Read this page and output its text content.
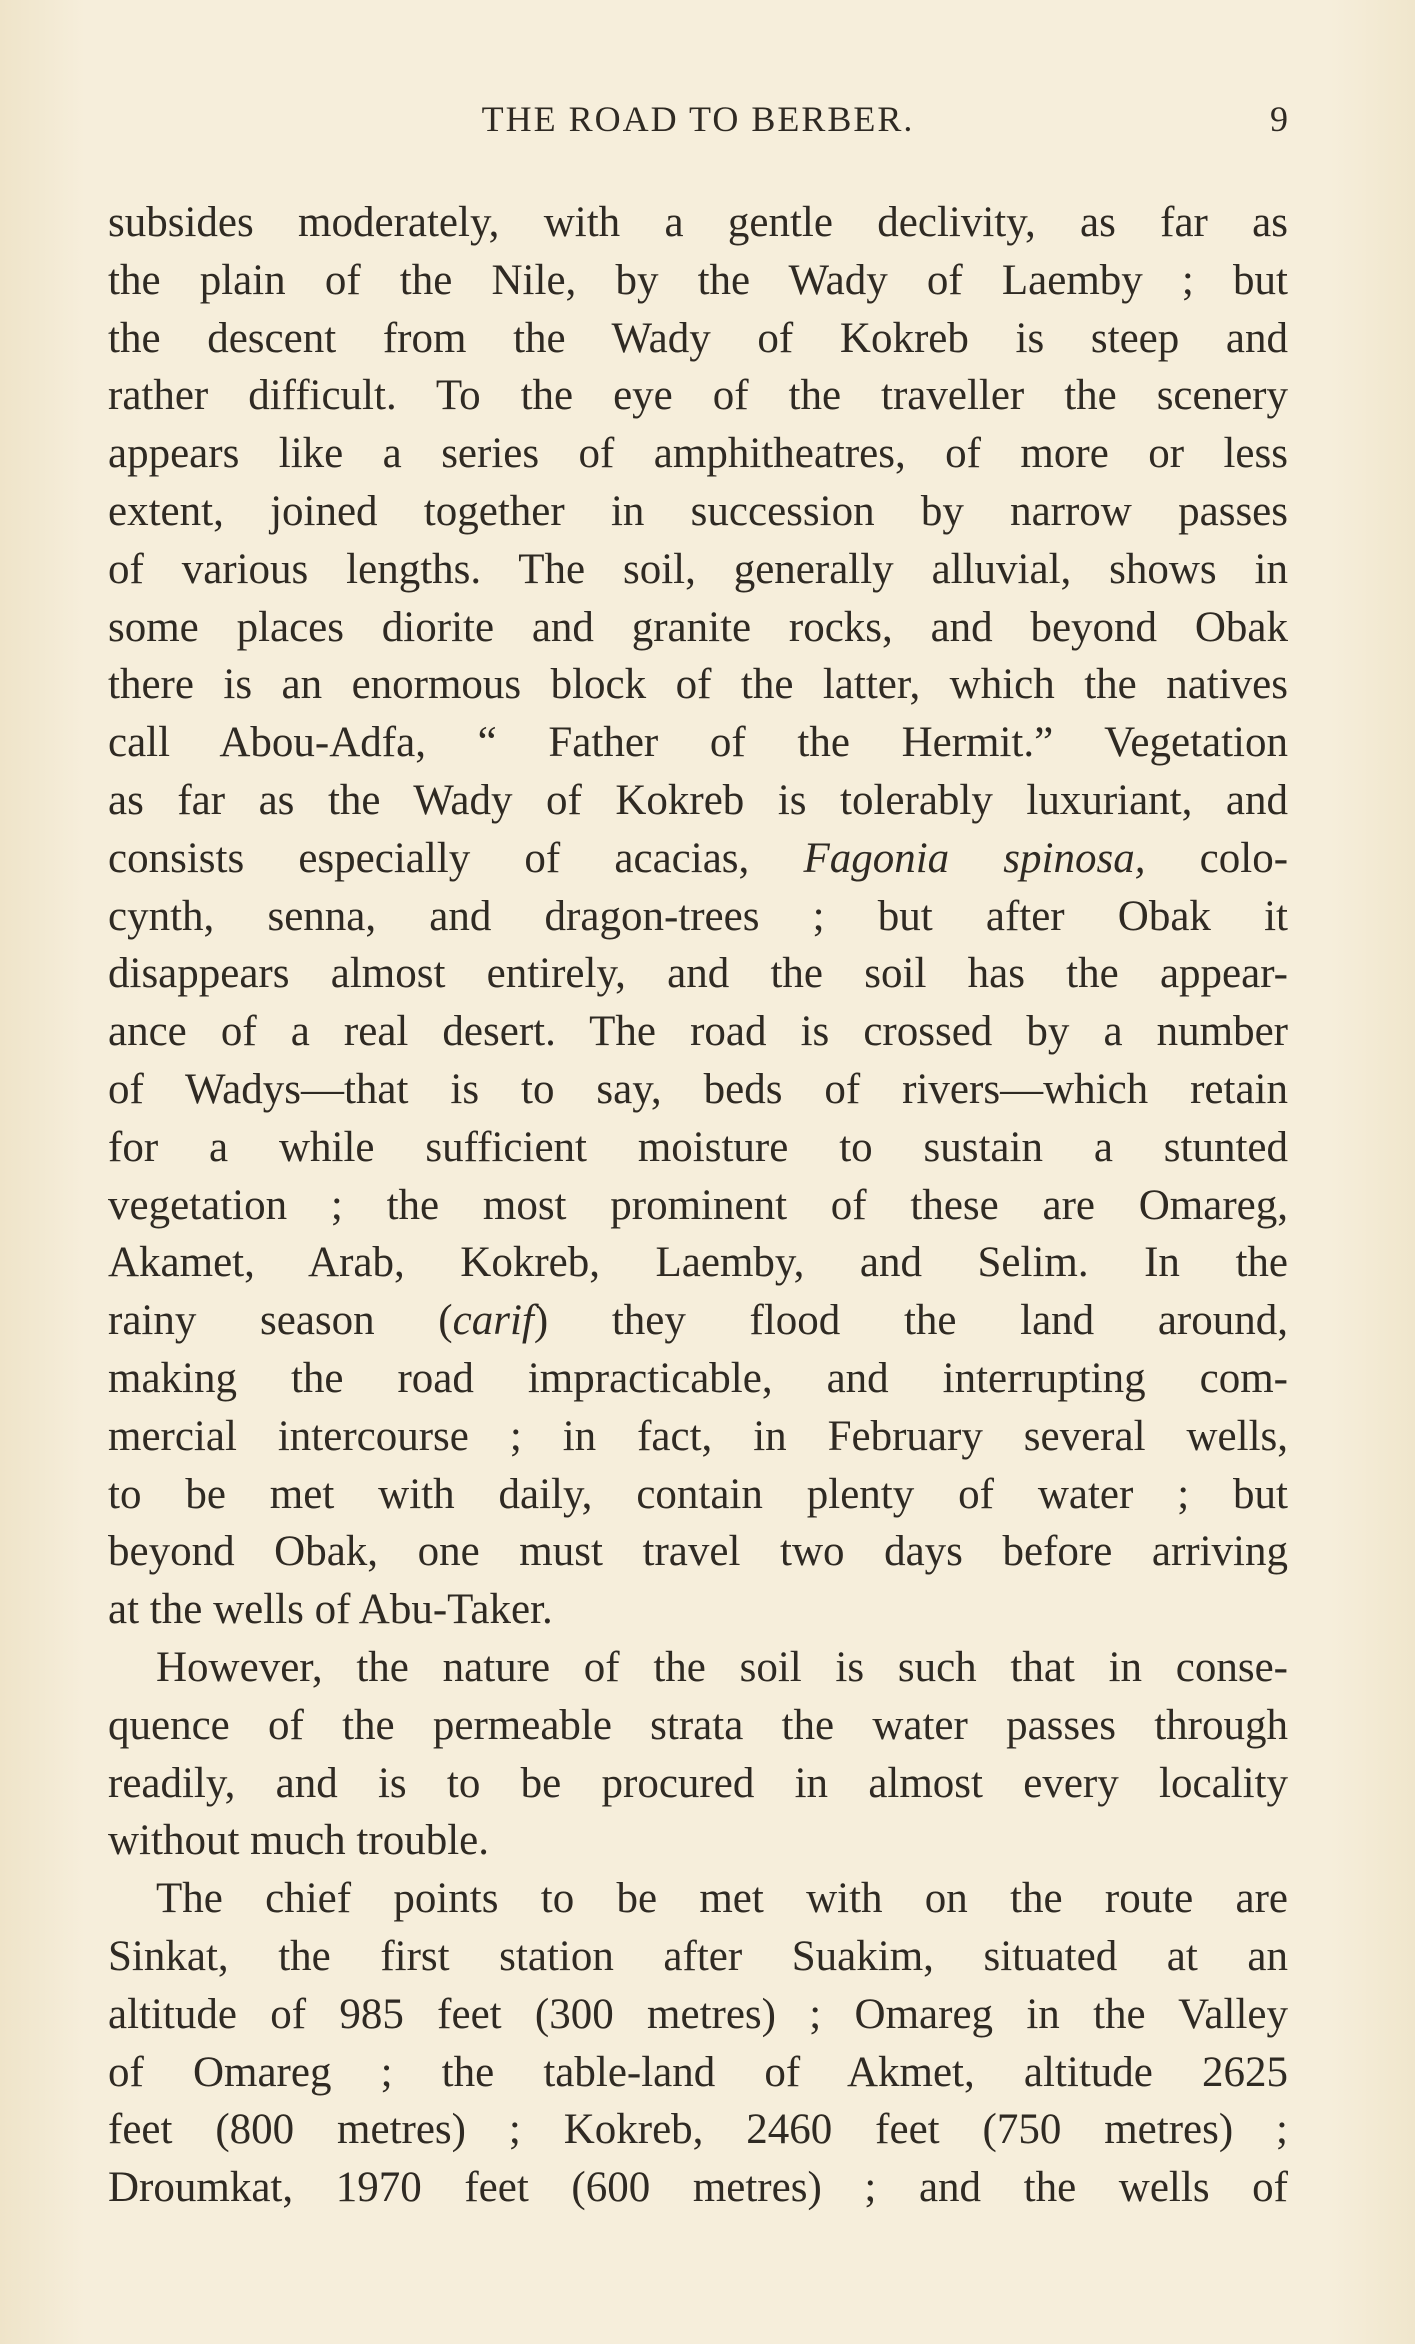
THE ROAD TO BERBER.	9
subsides moderately, with a gentle declivity, as far as
the plain of the Nile, by the Wady of Laemby ; but
the descent from the Wady of Kokreb is steep and
rather difficult. To the eye of the traveller the scenery
appears like a series of amphitheatres, of more or less
extent, joined together in succession by narrow passes
of various lengths. The soil, generally alluvial, shows in
some places diorite and granite rocks, and beyond Obak
there is an enormous block of the latter, which the natives
call Abou-Adfa, “ Father of the Hermit.” Vegetation
as far as the Wady of Kokreb is tolerably luxuriant, and
consists especially of acacias, Fagonia spinosa, colo-
cynth, senna, and dragon-trees ; but after Obak it
disappears almost entirely, and the soil has the appear-
ance of a real desert. The road is crossed by a number
of Wadys—that is to say, beds of rivers—which retain
for a while sufficient moisture to sustain a stunted
vegetation ; the most prominent of these are Omareg,
Akamet, Arab, Kokreb, Laemby, and Selim. In the
rainy season (carif) they flood the land around,
making the road impracticable, and interrupting com-
mercial intercourse ; in fact, in February several wells,
to be met with daily, contain plenty of water ; but
beyond Obak, one must travel two days before arriving
at the wells of Abu-Taker.
However, the nature of the soil is such that in conse-
quence of the permeable strata the water passes through
readily, and is to be procured in almost every locality
without much trouble.
The chief points to be met with on the route are
Sinkat, the first station after Suakim, situated at an
altitude of 985 feet (300 metres) ; Omareg in the Valley
of Omareg ; the table-land of Akmet, altitude 2625
feet (800 metres) ; Kokreb, 2460 feet (750 metres) ;
Droumkat, 1970 feet (600 metres) ; and the wells of
